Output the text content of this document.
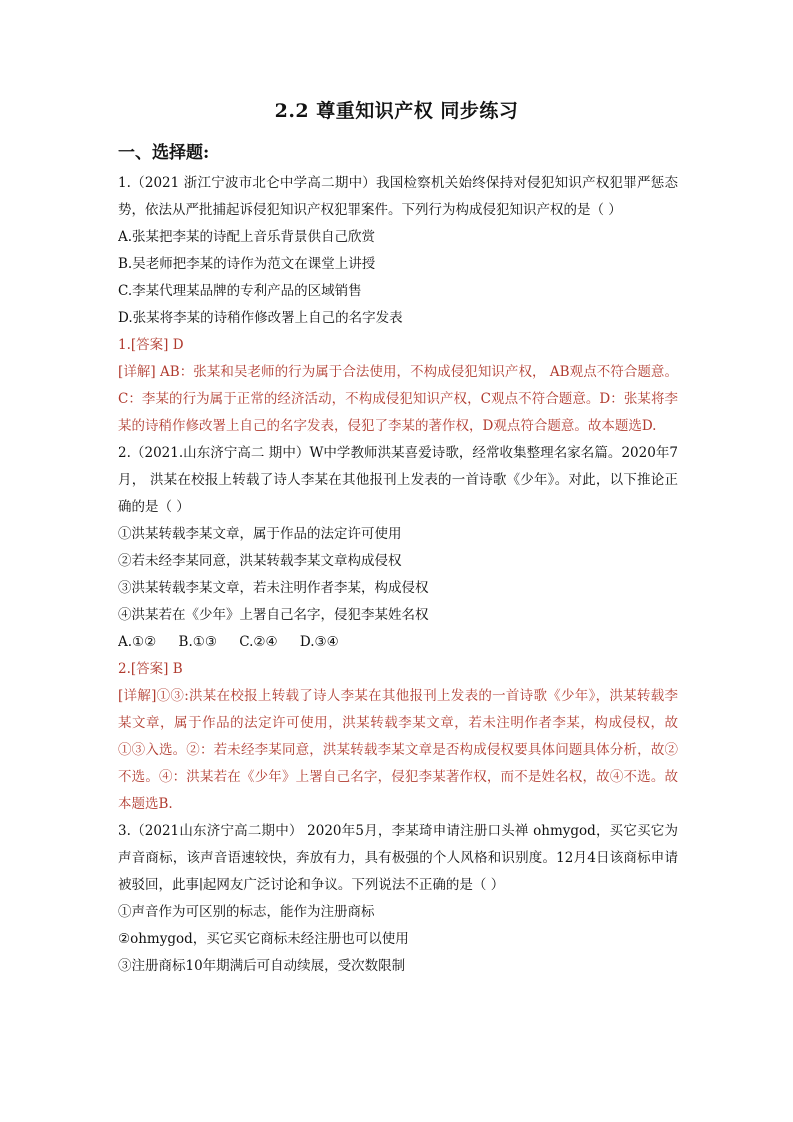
2.2 尊重知识产权 同步练习
一、选择题:
1.（2021 浙江宁波市北仑中学高二期中）我国检察机关始终保持对侵犯知识产权犯罪严惩态势，依法从严批捕起诉侵犯知识产权犯罪案件。下列行为构成侵犯知识产权的是（ ）
A.张某把李某的诗配上音乐背景供自己欣赏
B.吴老师把李某的诗作为范文在课堂上讲授
C.李某代理某品牌的专利产品的区域销售
D.张某将李某的诗稍作修改署上自己的名字发表
1.[答案] D
[详解] AB：张某和吴老师的行为属于合法使用，不构成侵犯知识产权， AB观点不符合题意。C：李某的行为属于正常的经济活动，不构成侵犯知识产权，C观点不符合题意。D：张某将李某的诗稍作修改署上自己的名字发表，侵犯了李某的著作权，D观点符合题意。故本题选D.
2.（2021.山东济宁高二 期中）W中学教师洪某喜爱诗歌，经常收集整理名家名篇。2020年7月， 洪某在校报上转载了诗人李某在其他报刊上发表的一首诗歌《少年》。对此，以下推论正确的是（ ）
①洪某转载李某文章，属于作品的法定许可使用
②若未经李某同意，洪某转载李某文章构成侵权
③洪某转载李某文章，若未注明作者李某，构成侵权
④洪某若在《少年》上署自己名字，侵犯李某姓名权
A.①② B.①③ C.②④ D.③④
2.[答案] B
[详解]①③:洪某在校报上转载了诗人李某在其他报刊上发表的一首诗歌《少年》，洪某转载李某文章，属于作品的法定许可使用，洪某转载李某文章，若未注明作者李某，构成侵权，故①③入选。②：若未经李某同意，洪某转载李某文章是否构成侵权要具体问题具体分析，故②不选。④：洪某若在《少年》上署自己名字，侵犯李某著作权，而不是姓名权，故④不选。故本题选B.
3.（2021山东济宁高二期中） 2020年5月，李某琦申请注册口头禅 ohmygod，买它买它为声音商标，该声音语速较快，奔放有力，具有极强的个人风格和识别度。12月4日该商标申请被驳回，此事∣起网友广泛讨论和争议。下列说法不正确的是（ ）
①声音作为可区别的标志，能作为注册商标
②ohmygod，买它买它商标未经注册也可以使用
③注册商标10年期满后可自动续展，受次数限制
